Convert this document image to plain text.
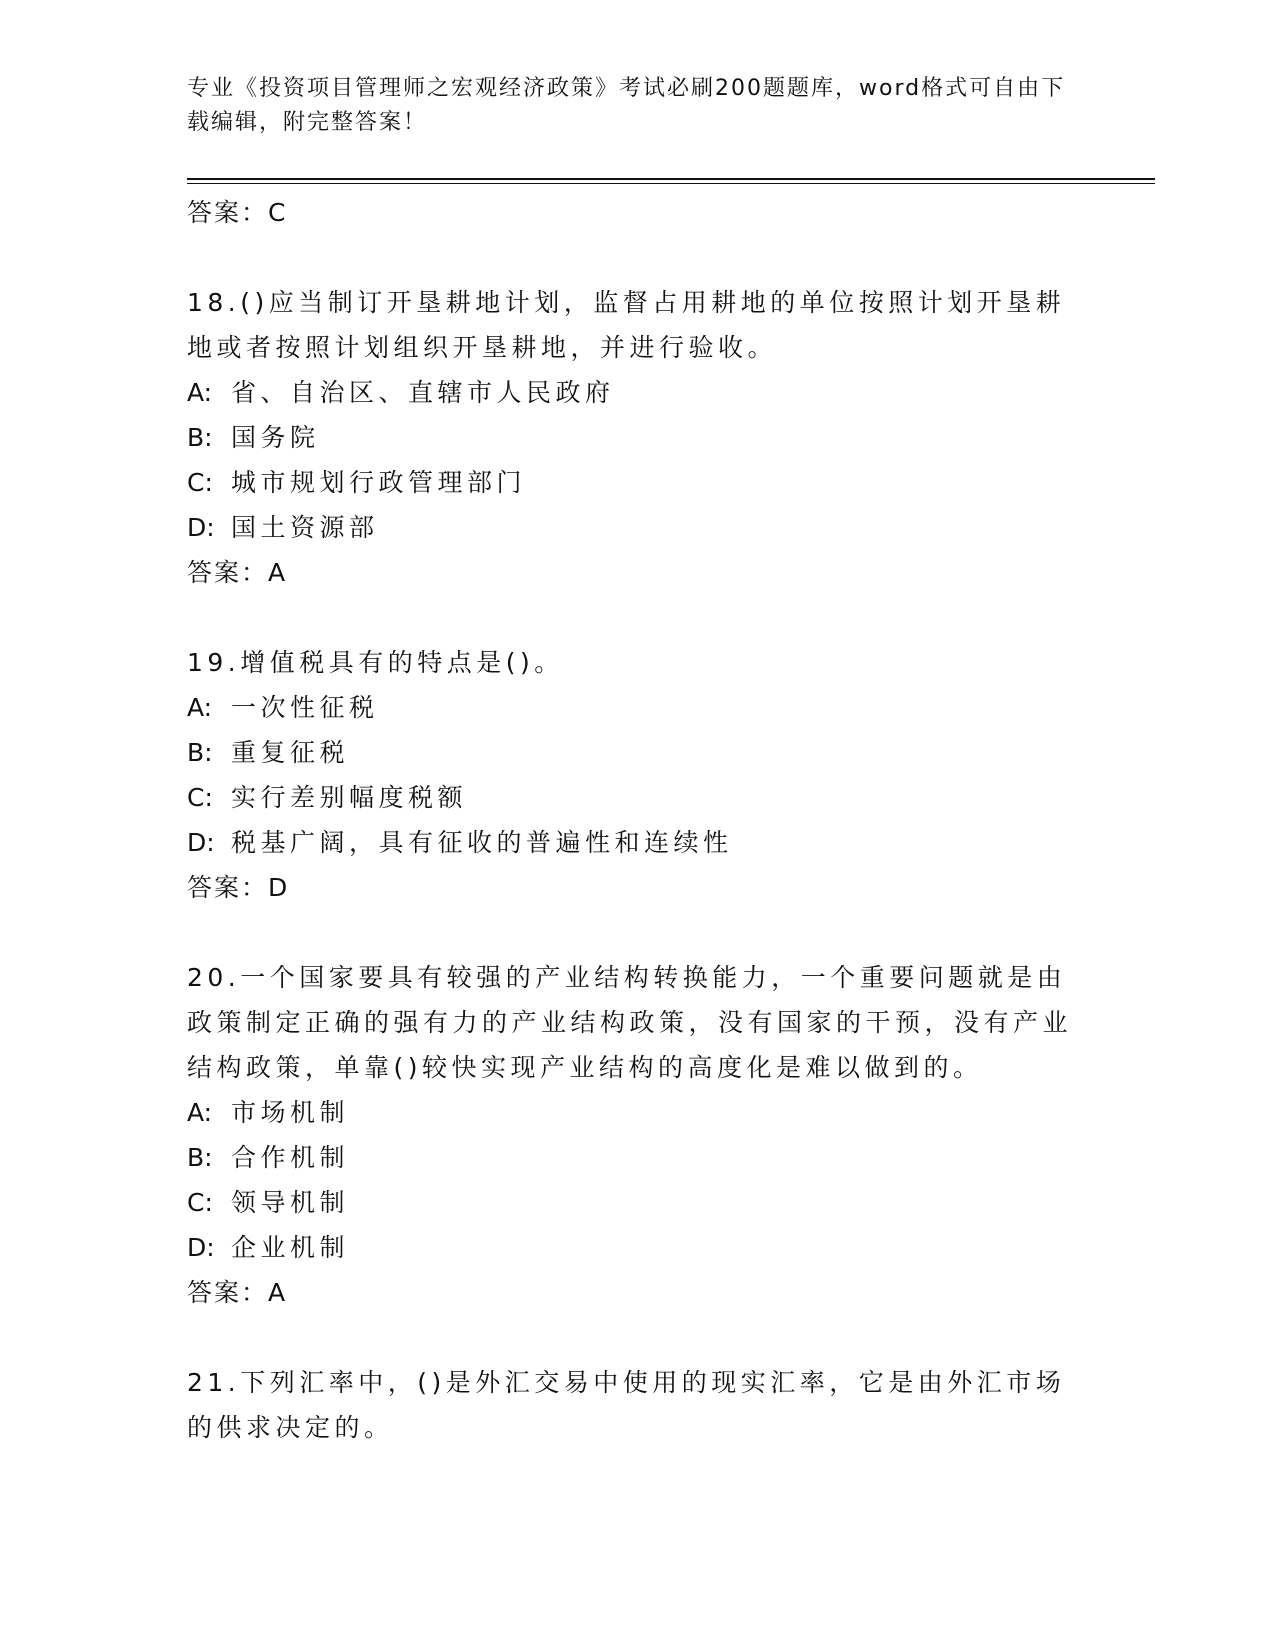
专业《投资项目管理师之宏观经济政策》考试必刷200题题库，word格式可自由下载编辑，附完整答案！
答案：C
18.()应当制订开垦耕地计划，监督占用耕地的单位按照计划开垦耕地或者按照计划组织开垦耕地，并进行验收。
A: 省、自治区、直辖市人民政府
B: 国务院
C: 城市规划行政管理部门
D: 国土资源部
答案：A
19.增值税具有的特点是()。
A: 一次性征税
B: 重复征税
C: 实行差别幅度税额
D: 税基广阔，具有征收的普遍性和连续性
答案：D
20.一个国家要具有较强的产业结构转换能力，一个重要问题就是由政策制定正确的强有力的产业结构政策，没有国家的干预，没有产业结构政策，单靠()较快实现产业结构的高度化是难以做到的。
A: 市场机制
B: 合作机制
C: 领导机制
D: 企业机制
答案：A
21.下列汇率中，()是外汇交易中使用的现实汇率，它是由外汇市场的供求决定的。
